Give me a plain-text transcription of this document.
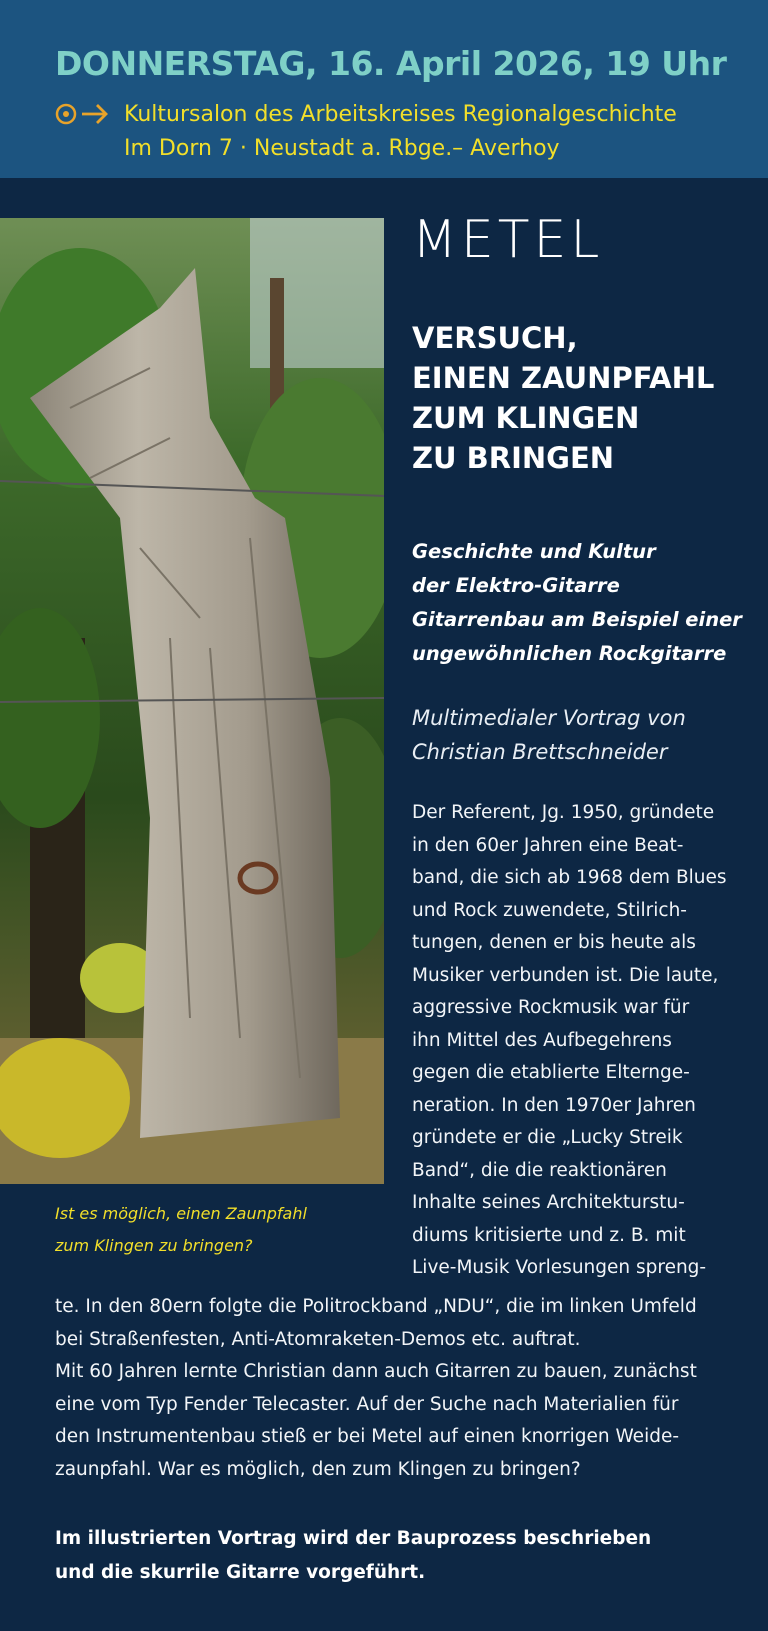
DONNERSTAG, 16. April 2026, 19 Uhr
Kultursalon des Arbeitskreises Regionalgeschichte
Im Dorn 7 · Neustadt a. Rbge.– Averhoy
Ist es möglich, einen Zaunpfahl
zum Klingen zu bringen?
METEL
VERSUCH,
EINEN ZAUNPFAHL
ZUM KLINGEN
ZU BRINGEN
Geschichte und Kultur
der Elektro-Gitarre
Gitarrenbau am Beispiel einer
ungewöhnlichen Rockgitarre
Multimedialer Vortrag von
Christian Brettschneider
Der Referent, Jg. 1950, gründete
in den 60er Jahren eine Beat-
band, die sich ab 1968 dem Blues
und Rock zuwendete, Stilrich-
tungen, denen er bis heute als
Musiker verbunden ist. Die laute,
aggressive Rockmusik war für
ihn Mittel des Aufbegehrens
gegen die etablierte Elternge-
neration. In den 1970er Jahren
gründete er die „Lucky Streik
Band“, die die reaktionären
Inhalte seines Architekturstu-
diums kritisierte und z. B. mit
Live-Musik Vorlesungen spreng-
te. In den 80ern folgte die Politrockband „NDU“, die im linken Umfeld
bei Straßenfesten, Anti-Atomraketen-Demos etc. auftrat.
Mit 60 Jahren lernte Christian dann auch Gitarren zu bauen, zunächst
eine vom Typ Fender Telecaster. Auf der Suche nach Materialien für
den Instrumentenbau stieß er bei Metel auf einen knorrigen Weide-
zaunpfahl. War es möglich, den zum Klingen zu bringen?
Im illustrierten Vortrag wird der Bauprozess beschrieben
und die skurrile Gitarre vorgeführt.
